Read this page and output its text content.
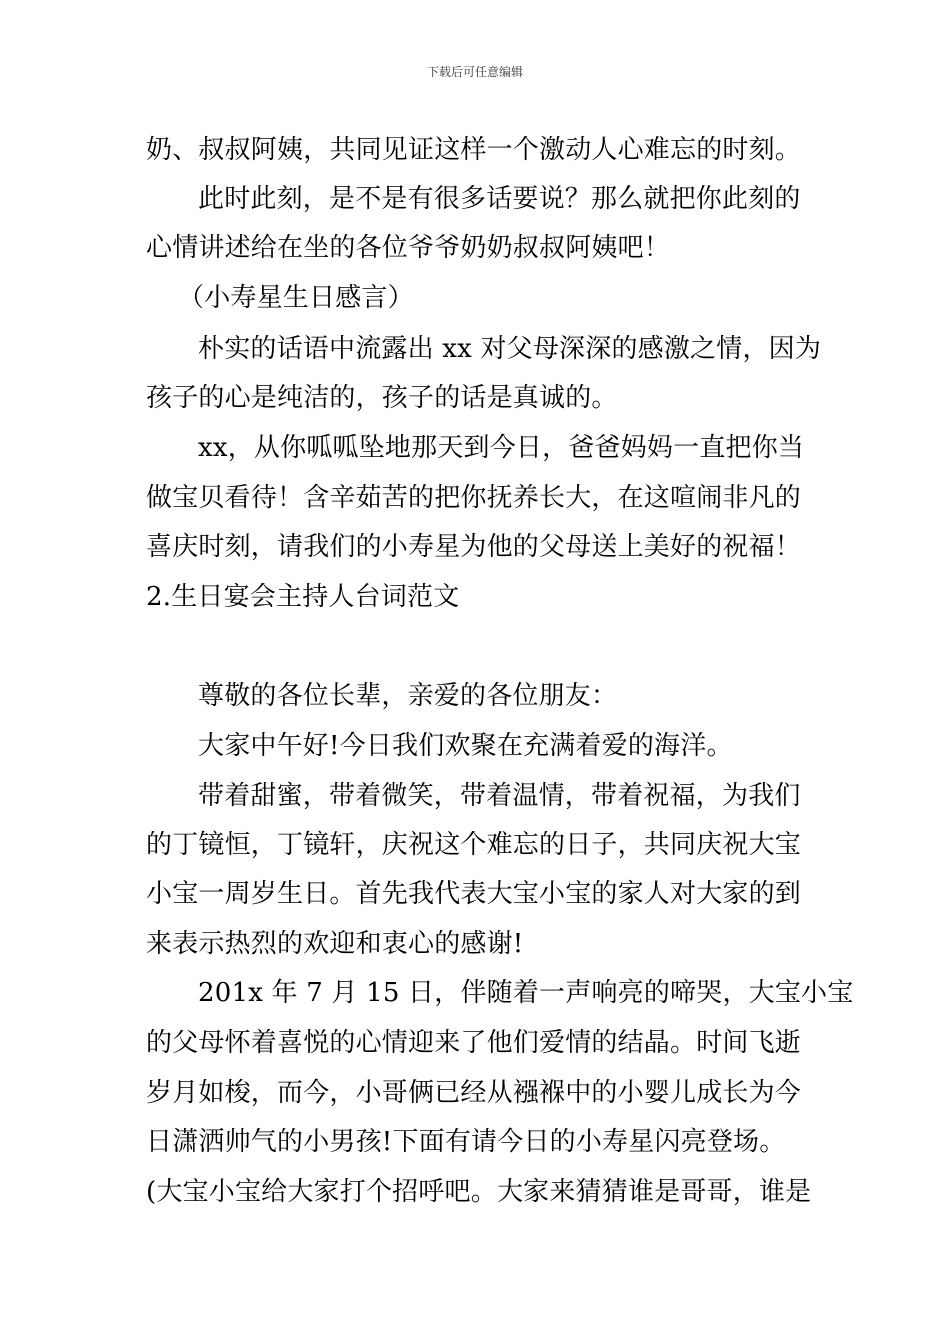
下载后可任意编辑
奶、叔叔阿姨，共同见证这样一个激动人心难忘的时刻。
此时此刻，是不是有很多话要说？那么就把你此刻的
心情讲述给在坐的各位爷爷奶奶叔叔阿姨吧！
（小寿星生日感言）
朴实的话语中流露出 xx 对父母深深的感激之情，因为
孩子的心是纯洁的，孩子的话是真诚的。
xx，从你呱呱坠地那天到今日，爸爸妈妈一直把你当
做宝贝看待！含辛茹苦的把你抚养长大，在这喧闹非凡的
喜庆时刻，请我们的小寿星为他的父母送上美好的祝福！
2.生日宴会主持人台词范文
尊敬的各位长辈，亲爱的各位朋友：
大家中午好!今日我们欢聚在充满着爱的海洋。
带着甜蜜，带着微笑，带着温情，带着祝福，为我们
的丁镜恒，丁镜轩，庆祝这个难忘的日子，共同庆祝大宝
小宝一周岁生日。首先我代表大宝小宝的家人对大家的到
来表示热烈的欢迎和衷心的感谢!
201x 年 7 月 15 日，伴随着一声响亮的啼哭，大宝小宝
的父母怀着喜悦的心情迎来了他们爱情的结晶。时间飞逝
岁月如梭，而今，小哥俩已经从襁褓中的小婴儿成长为今
日潇洒帅气的小男孩!下面有请今日的小寿星闪亮登场。
(大宝小宝给大家打个招呼吧。大家来猜猜谁是哥哥，谁是
